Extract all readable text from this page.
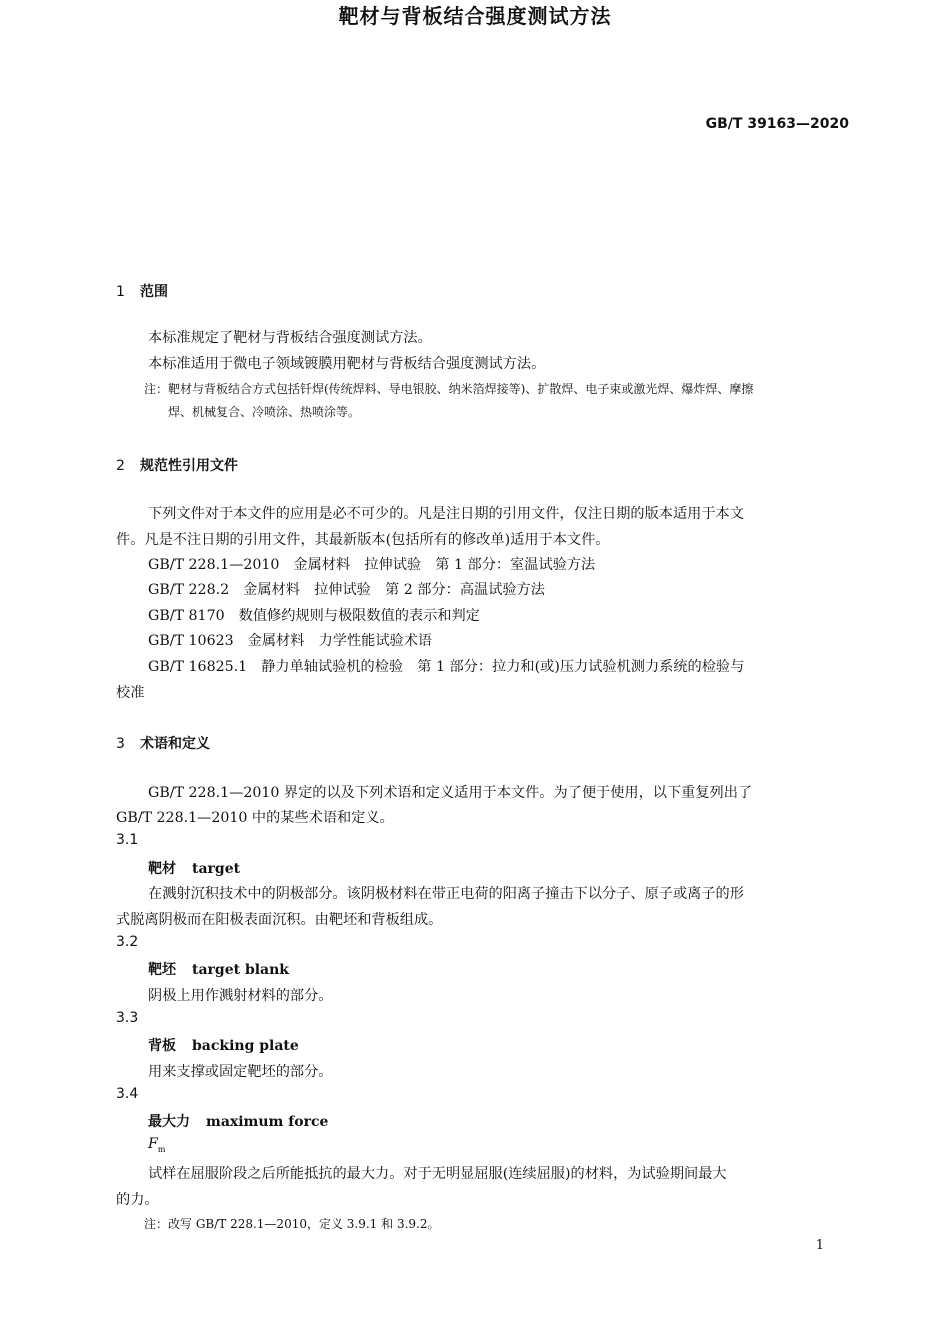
GB/T 39163—2020
靶材与背板结合强度测试方法
1 范围
本标准规定了靶材与背板结合强度测试方法。
本标准适用于微电子领域镀膜用靶材与背板结合强度测试方法。
注：靶材与背板结合方式包括钎焊(传统焊料、导电银胶、纳米箔焊接等)、扩散焊、电子束或激光焊、爆炸焊、摩擦
焊、机械复合、冷喷涂、热喷涂等。
2 规范性引用文件
下列文件对于本文件的应用是必不可少的。凡是注日期的引用文件，仅注日期的版本适用于本文
件。凡是不注日期的引用文件，其最新版本(包括所有的修改单)适用于本文件。
GB/T 228.1—2010 金属材料　拉伸试验　第 1 部分：室温试验方法
GB/T 228.2 金属材料　拉伸试验　第 2 部分：高温试验方法
GB/T 8170 数值修约规则与极限数值的表示和判定
GB/T 10623 金属材料　力学性能试验术语
GB/T 16825.1 静力单轴试验机的检验　第 1 部分：拉力和(或)压力试验机测力系统的检验与
校准
3 术语和定义
GB/T 228.1—2010 界定的以及下列术语和定义适用于本文件。为了便于使用，以下重复列出了
GB/T 228.1—2010 中的某些术语和定义。
3.1
靶材 target
在溅射沉积技术中的阴极部分。该阴极材料在带正电荷的阳离子撞击下以分子、原子或离子的形
式脱离阴极而在阳极表面沉积。由靶坯和背板组成。
3.2
靶坯 target blank
阴极上用作溅射材料的部分。
3.3
背板 backing plate
用来支撑或固定靶坯的部分。
3.4
最大力 maximum force
$F_m$
试样在屈服阶段之后所能抵抗的最大力。对于无明显屈服(连续屈服)的材料，为试验期间最大
的力。
注：改写 GB/T 228.1—2010，定义 3.9.1 和 3.9.2。
1
